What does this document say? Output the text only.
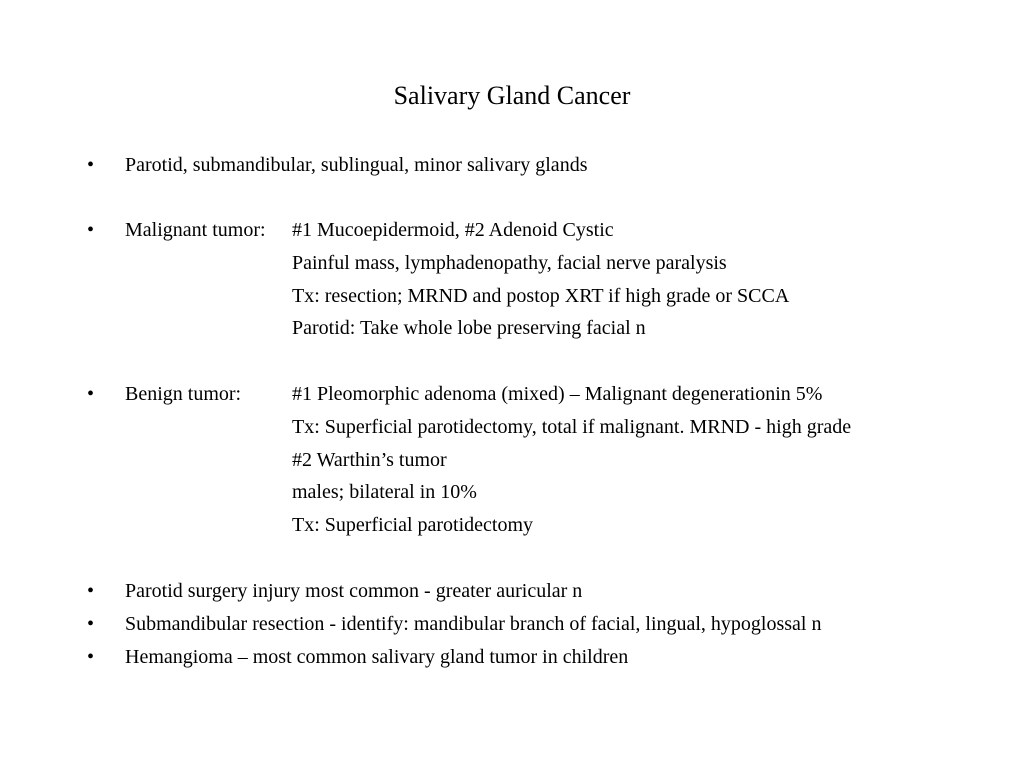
Salivary Gland Cancer
• Parotid, submandibular, sublingual, minor salivary glands
• Malignant tumor: #1 Mucoepidermoid, #2 Adenoid Cystic
Painful mass, lymphadenopathy, facial nerve paralysis
Tx: resection; MRND and postop XRT if high grade or SCCA
Parotid: Take whole lobe preserving facial n
• Benign tumor:	#1 Pleomorphic adenoma (mixed) – Malignant degenerationin 5%
Tx: Superficial parotidectomy, total if malignant. MRND - high grade
#2 Warthin’s tumor
males; bilateral in 10%
Tx: Superficial parotidectomy
• Parotid surgery injury most common - greater auricular n
• Submandibular resection - identify: mandibular branch of facial, lingual, hypoglossal n
• Hemangioma – most common salivary gland tumor in children
